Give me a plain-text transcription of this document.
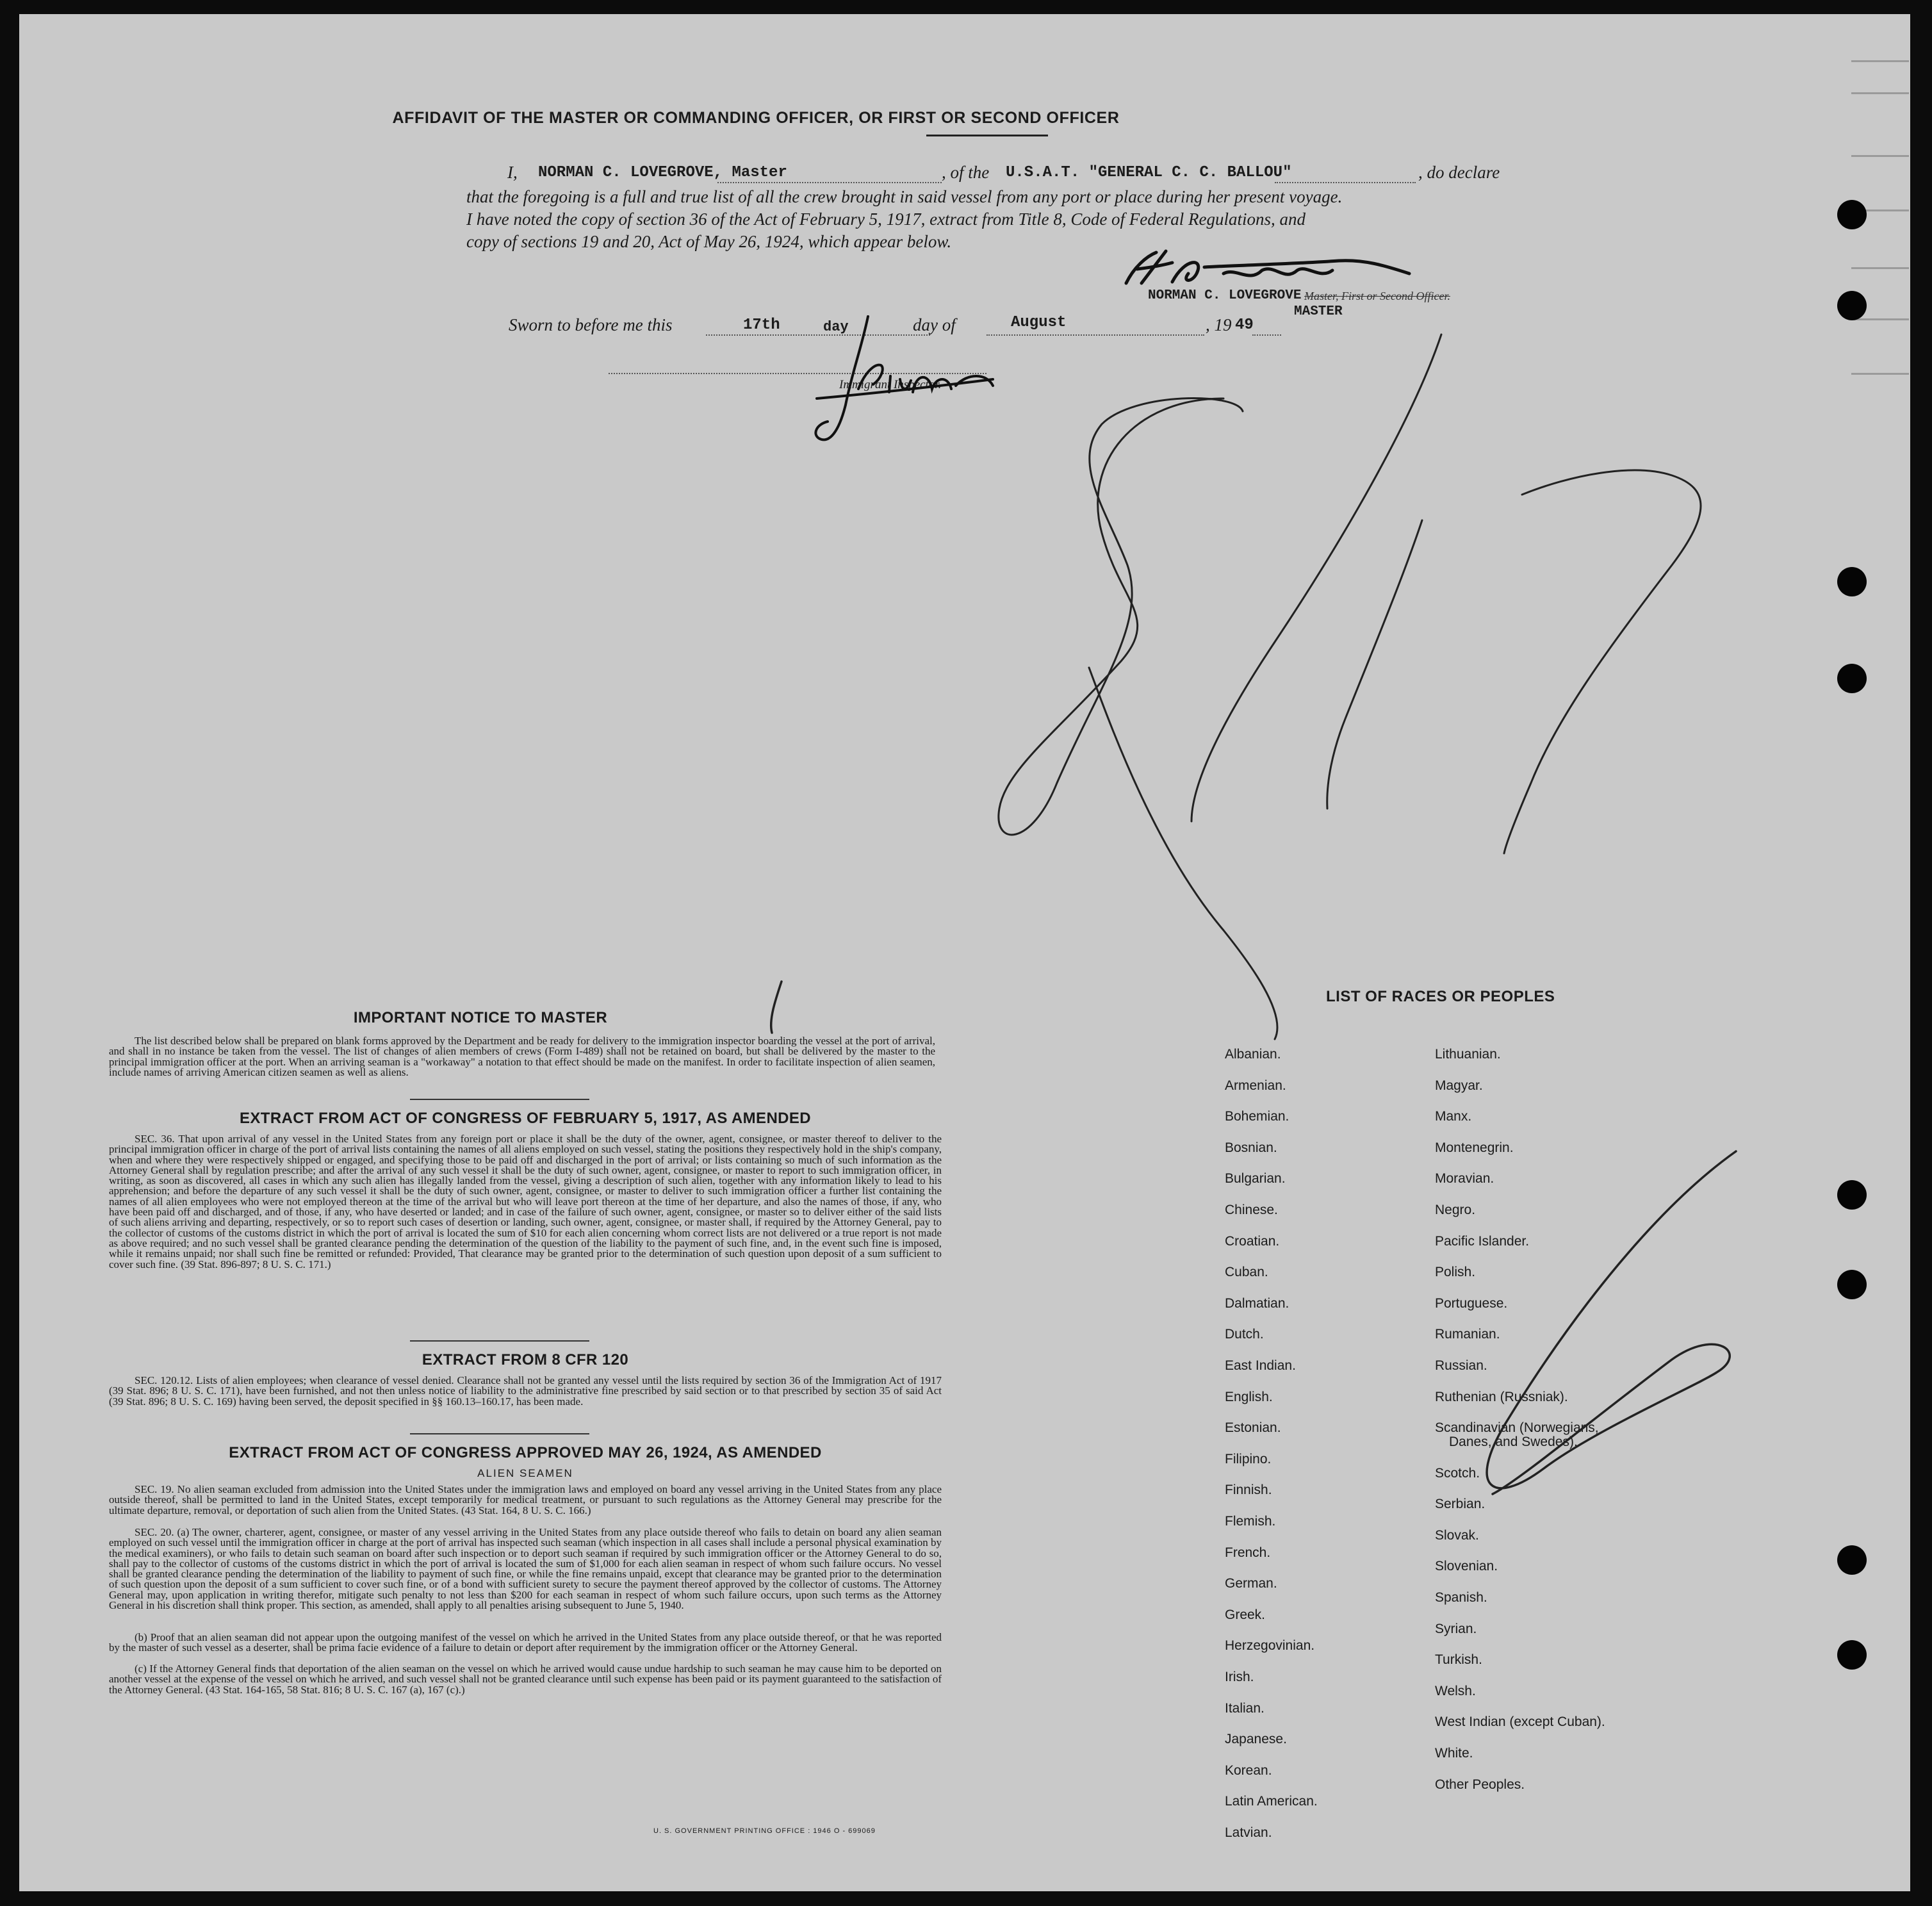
AFFIDAVIT OF THE MASTER OR COMMANDING OFFICER, OR FIRST OR SECOND OFFICER
I, NORMAN C. LOVEGROVE, Master	, of the U.S.A.T. "GENERAL C. C. BALLOU"	, do declare
that the foregoing is a full and true list of all the crew brought in said vessel from any port or place during her present voyage.
I have noted the copy of section 36 of the Act of February 5, 1917, extract from Title 8, Code of Federal Regulations, and
copy of sections 19 and 20, Act of May 26, 1924, which appear below.
NORMAN C. LOVEGROVE Master, First or Second Officer.
MASTER
Sworn to before me this	17th	day	day of	August	, 19 49
Immigrant Inspector.
IMPORTANT NOTICE TO MASTER

The list described below shall be prepared on blank forms approved by the Department and be ready for delivery to the immigration inspector boarding the vessel at the port of arrival, and shall in no instance be taken from the vessel. The list of changes of alien members of crews (Form I-489) shall not be retained on board, but shall be delivered by the master to the principal immigration officer at the port. When an arriving seaman is a "workaway" a notation to that effect should be made on the manifest. In order to facilitate inspection of alien seamen, include names of arriving American citizen seamen as well as aliens.

EXTRACT FROM ACT OF CONGRESS OF FEBRUARY 5, 1917, AS AMENDED

SEC. 36. That upon arrival of any vessel in the United States from any foreign port or place it shall be the duty of the owner, agent, consignee, or master thereof to deliver to the principal immigration officer in charge of the port of arrival lists containing the names of all aliens employed on such vessel, stating the positions they respectively hold in the ship's company, when and where they were respectively shipped or engaged, and specifying those to be paid off and discharged in the port of arrival; or lists containing so much of such information as the Attorney General shall by regulation prescribe; and after the arrival of any such vessel it shall be the duty of such owner, agent, consignee, or master to report to such immigration officer, in writing, as soon as discovered, all cases in which any such alien has illegally landed from the vessel, giving a description of such alien, together with any information likely to lead to his apprehension; and before the departure of any such vessel it shall be the duty of such owner, agent, consignee, or master to deliver to such immigration officer a further list containing the names of all alien employees who were not employed thereon at the time of the arrival but who will leave port thereon at the time of her departure, and also the names of those, if any, who have been paid off and discharged, and of those, if any, who have deserted or landed; and in case of the failure of such owner, agent, consignee, or master so to deliver either of the said lists of such aliens arriving and departing, respectively, or so to report such cases of desertion or landing, such owner, agent, consignee, or master shall, if required by the Attorney General, pay to the collector of customs of the customs district in which the port of arrival is located the sum of $10 for each alien concerning whom correct lists are not delivered or a true report is not made as above required; and no such vessel shall be granted clearance pending the determination of the question of the liability to the payment of such fine, and, in the event such fine is imposed, while it remains unpaid; nor shall such fine be remitted or refunded: Provided, That clearance may be granted prior to the determination of such question upon deposit of a sum sufficient to cover such fine. (39 Stat. 896-897; 8 U. S. C. 171.)

EXTRACT FROM 8 CFR 120

SEC. 120.12. Lists of alien employees; when clearance of vessel denied. Clearance shall not be granted any vessel until the lists required by section 36 of the Immigration Act of 1917 (39 Stat. 896; 8 U. S. C. 171), have been furnished, and not then unless notice of liability to the administrative fine prescribed by said section or to that prescribed by section 35 of said Act (39 Stat. 896; 8 U. S. C. 169) having been served, the deposit specified in §§ 160.13–160.17, has been made.

EXTRACT FROM ACT OF CONGRESS APPROVED MAY 26, 1924, AS AMENDED
ALIEN SEAMEN

SEC. 19. No alien seaman excluded from admission into the United States under the immigration laws and employed on board any vessel arriving in the United States from any place outside thereof, shall be permitted to land in the United States, except temporarily for medical treatment, or pursuant to such regulations as the Attorney General may prescribe for the ultimate departure, removal, or deportation of such alien from the United States. (43 Stat. 164, 8 U. S. C. 166.)

SEC. 20. (a) The owner, charterer, agent, consignee, or master of any vessel arriving in the United States from any place outside thereof who fails to detain on board any alien seaman employed on such vessel until the immigration officer in charge at the port of arrival has inspected such seaman (which inspection in all cases shall include a personal physical examination by the medical examiners), or who fails to detain such seaman on board after such inspection or to deport such seaman if required by such immigration officer or the Attorney General to do so, shall pay to the collector of customs of the customs district in which the port of arrival is located the sum of $1,000 for each alien seaman in respect of whom such failure occurs. No vessel shall be granted clearance pending the determination of the liability to payment of such fine, or while the fine remains unpaid, except that clearance may be granted prior to the determination of such question upon the deposit of a sum sufficient to cover such fine, or of a bond with sufficient surety to secure the payment thereof approved by the collector of customs. The Attorney General may, upon application in writing therefor, mitigate such penalty to not less than $200 for each seaman in respect of whom such failure occurs, upon such terms as the Attorney General in his discretion shall think proper. This section, as amended, shall apply to all penalties arising subsequent to June 5, 1940.

(b) Proof that an alien seaman did not appear upon the outgoing manifest of the vessel on which he arrived in the United States from any place outside thereof, or that he was reported by the master of such vessel as a deserter, shall be prima facie evidence of a failure to detain or deport after requirement by the immigration officer or the Attorney General.

(c) If the Attorney General finds that deportation of the alien seaman on the vessel on which he arrived would cause undue hardship to such seaman he may cause him to be deported on another vessel at the expense of the vessel on which he arrived, and such vessel shall not be granted clearance until such expense has been paid or its payment guaranteed to the satisfaction of the Attorney General. (43 Stat. 164-165, 58 Stat. 816; 8 U. S. C. 167 (a), 167 (c).)

U. S. GOVERNMENT PRINTING OFFICE : 1946 O - 699069
LIST OF RACES OR PEOPLES
Albanian.
Armenian.
Bohemian.
Bosnian.
Bulgarian.
Chinese.
Croatian.
Cuban.
Dalmatian.
Dutch.
East Indian.
English.
Estonian.
Filipino.
Finnish.
Flemish.
French.
German.
Greek.
Herzegovinian.
Irish.
Italian.
Japanese.
Korean.
Latin American.
Latvian.
Lithuanian.
Magyar.
Manx.
Montenegrin.
Moravian.
Negro.
Pacific Islander.
Polish.
Portuguese.
Rumanian.
Russian.
Ruthenian (Russniak).
Scandinavian (Norwegians,
Danes, and Swedes).
Scotch.
Serbian.
Slovak.
Slovenian.
Spanish.
Syrian.
Turkish.
Welsh.
West Indian (except Cuban).
White.
Other Peoples.
